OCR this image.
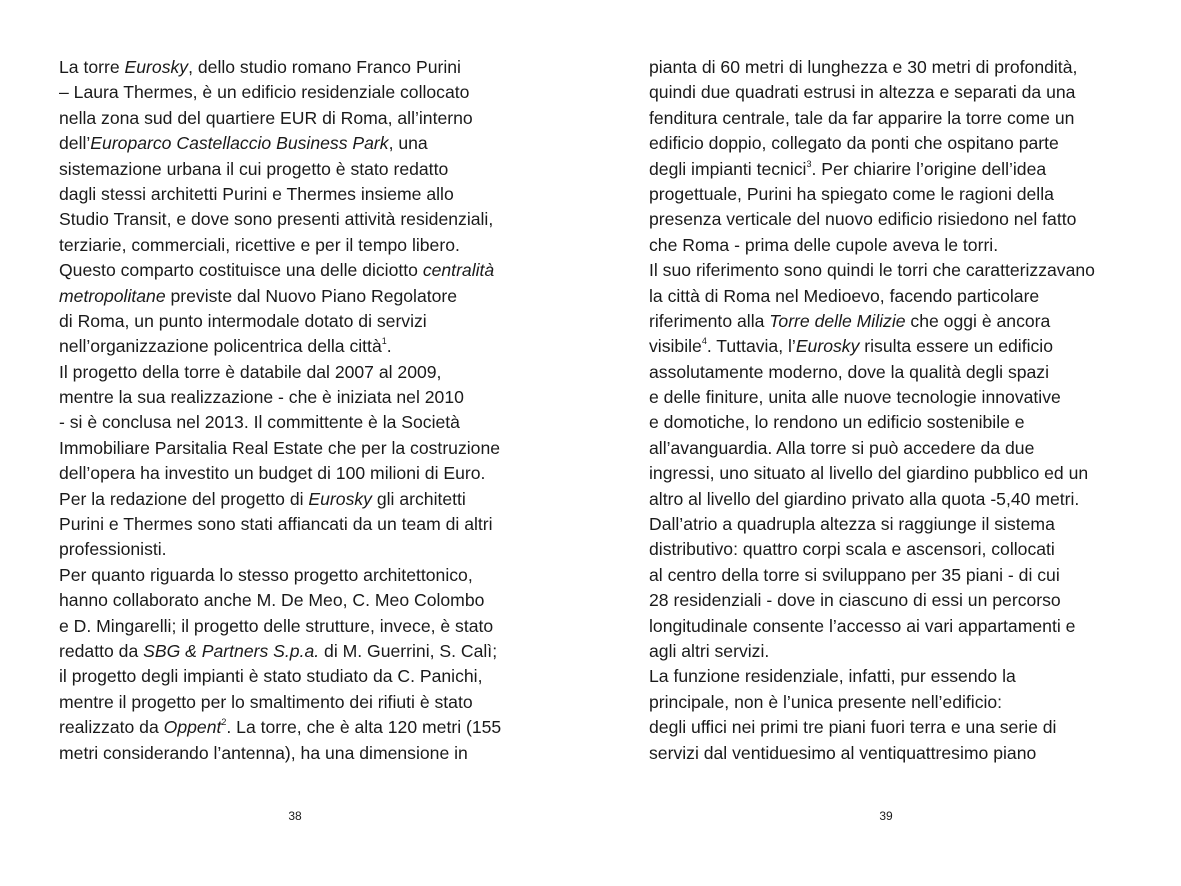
La torre Eurosky, dello studio romano Franco Purini
– Laura Thermes, è un edificio residenziale collocato
nella zona sud del quartiere EUR di Roma, all’interno
dell’Europarco Castellaccio Business Park, una
sistemazione urbana il cui progetto è stato redatto
dagli stessi architetti Purini e Thermes insieme allo
Studio Transit, e dove sono presenti attività residenziali,
terziarie, commerciali, ricettive e per il tempo libero.
Questo comparto costituisce una delle diciotto centralità
metropolitane previste dal Nuovo Piano Regolatore
di Roma, un punto intermodale dotato di servizi
nell’organizzazione policentrica della città$^1$.
Il progetto della torre è databile dal 2007 al 2009,
mentre la sua realizzazione - che è iniziata nel 2010
- si è conclusa nel 2013. Il committente è la Società
Immobiliare Parsitalia Real Estate che per la costruzione
dell’opera ha investito un budget di 100 milioni di Euro.
Per la redazione del progetto di Eurosky gli architetti
Purini e Thermes sono stati affiancati da un team di altri
professionisti.
Per quanto riguarda lo stesso progetto architettonico,
hanno collaborato anche M. De Meo, C. Meo Colombo
e D. Mingarelli; il progetto delle strutture, invece, è stato
redatto da SBG & Partners S.p.a. di M. Guerrini, S. Calì;
il progetto degli impianti è stato studiato da C. Panichi,
mentre il progetto per lo smaltimento dei rifiuti è stato
realizzato da Oppent$^2$. La torre, che è alta 120 metri (155
metri considerando l’antenna), ha una dimensione in
38
pianta di 60 metri di lunghezza e 30 metri di profondità,
quindi due quadrati estrusi in altezza e separati da una
fenditura centrale, tale da far apparire la torre come un
edificio doppio, collegato da ponti che ospitano parte
degli impianti tecnici$^3$. Per chiarire l’origine dell’idea
progettuale, Purini ha spiegato come le ragioni della
presenza verticale del nuovo edificio risiedono nel fatto
che Roma - prima delle cupole aveva le torri.
Il suo riferimento sono quindi le torri che caratterizzavano
la città di Roma nel Medioevo, facendo particolare
riferimento alla Torre delle Milizie che oggi è ancora
visibile$^4$. Tuttavia, l’Eurosky risulta essere un edificio
assolutamente moderno, dove la qualità degli spazi
e delle finiture, unita alle nuove tecnologie innovative
e domotiche, lo rendono un edificio sostenibile e
all’avanguardia. Alla torre si può accedere da due
ingressi, uno situato al livello del giardino pubblico ed un
altro al livello del giardino privato alla quota -5,40 metri.
Dall’atrio a quadrupla altezza si raggiunge il sistema
distributivo: quattro corpi scala e ascensori, collocati
al centro della torre si sviluppano per 35 piani - di cui
28 residenziali - dove in ciascuno di essi un percorso
longitudinale consente l’accesso ai vari appartamenti e
agli altri servizi.
La funzione residenziale, infatti, pur essendo la
principale, non è l’unica presente nell’edificio:
degli uffici nei primi tre piani fuori terra e una serie di
servizi dal ventiduesimo al ventiquattresimo piano
39
